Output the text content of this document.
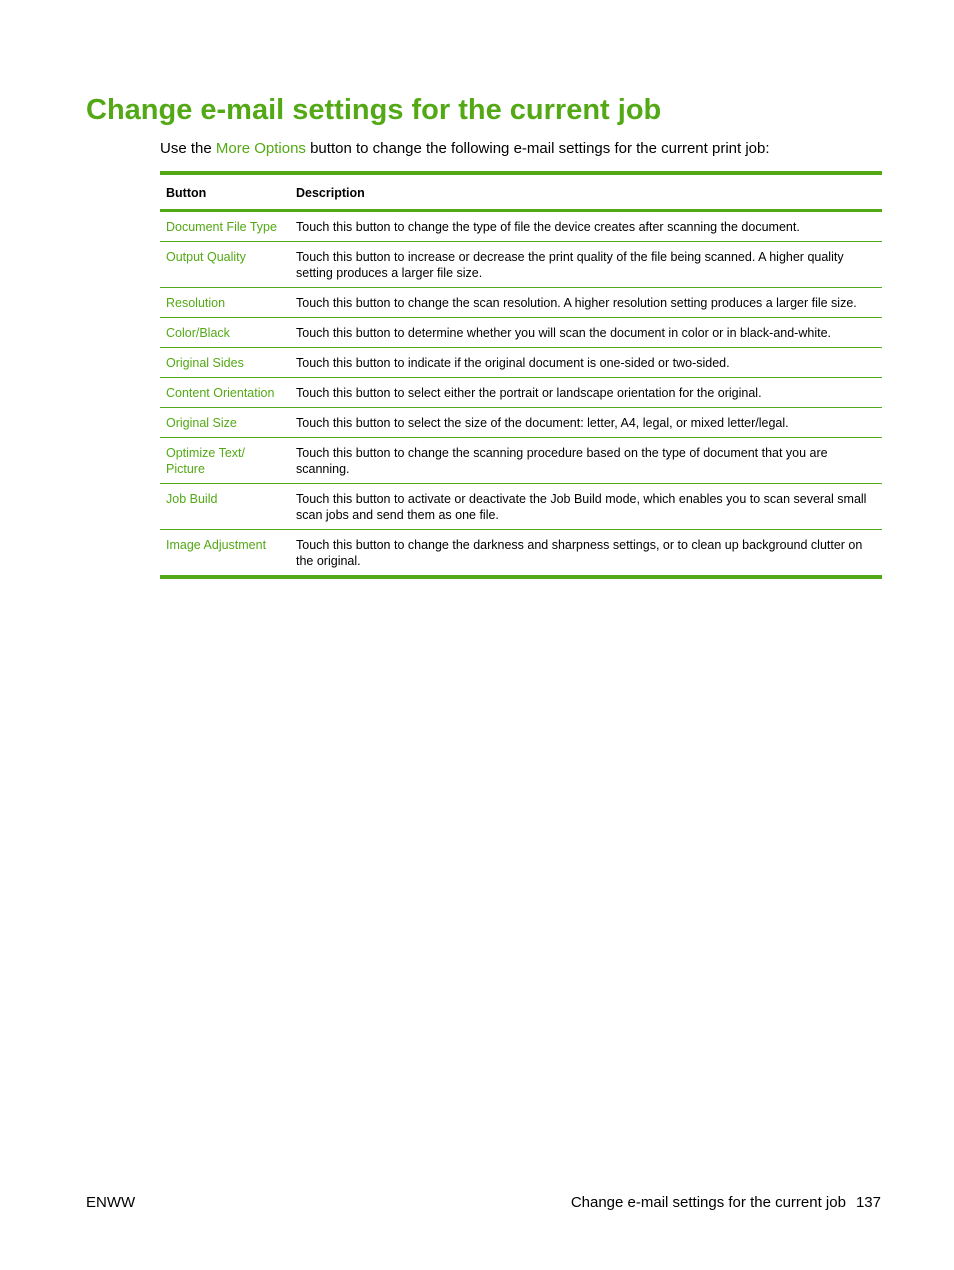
Change e-mail settings for the current job

Use the More Options button to change the following e-mail settings for the current print job:

Button	Description
Document File Type	Touch this button to change the type of file the device creates after scanning the document.
Output Quality	Touch this button to increase or decrease the print quality of the file being scanned. A higher quality setting produces a larger file size.
Resolution	Touch this button to change the scan resolution. A higher resolution setting produces a larger file size.
Color/Black	Touch this button to determine whether you will scan the document in color or in black-and-white.
Original Sides	Touch this button to indicate if the original document is one-sided or two-sided.
Content Orientation	Touch this button to select either the portrait or landscape orientation for the original.
Original Size	Touch this button to select the size of the document: letter, A4, legal, or mixed letter/legal.
Optimize Text/ Picture	Touch this button to change the scanning procedure based on the type of document that you are scanning.
Job Build	Touch this button to activate or deactivate the Job Build mode, which enables you to scan several small scan jobs and send them as one file.
Image Adjustment	Touch this button to change the darkness and sharpness settings, or to clean up background clutter on the original.
ENWW	Change e-mail settings for the current job 137
